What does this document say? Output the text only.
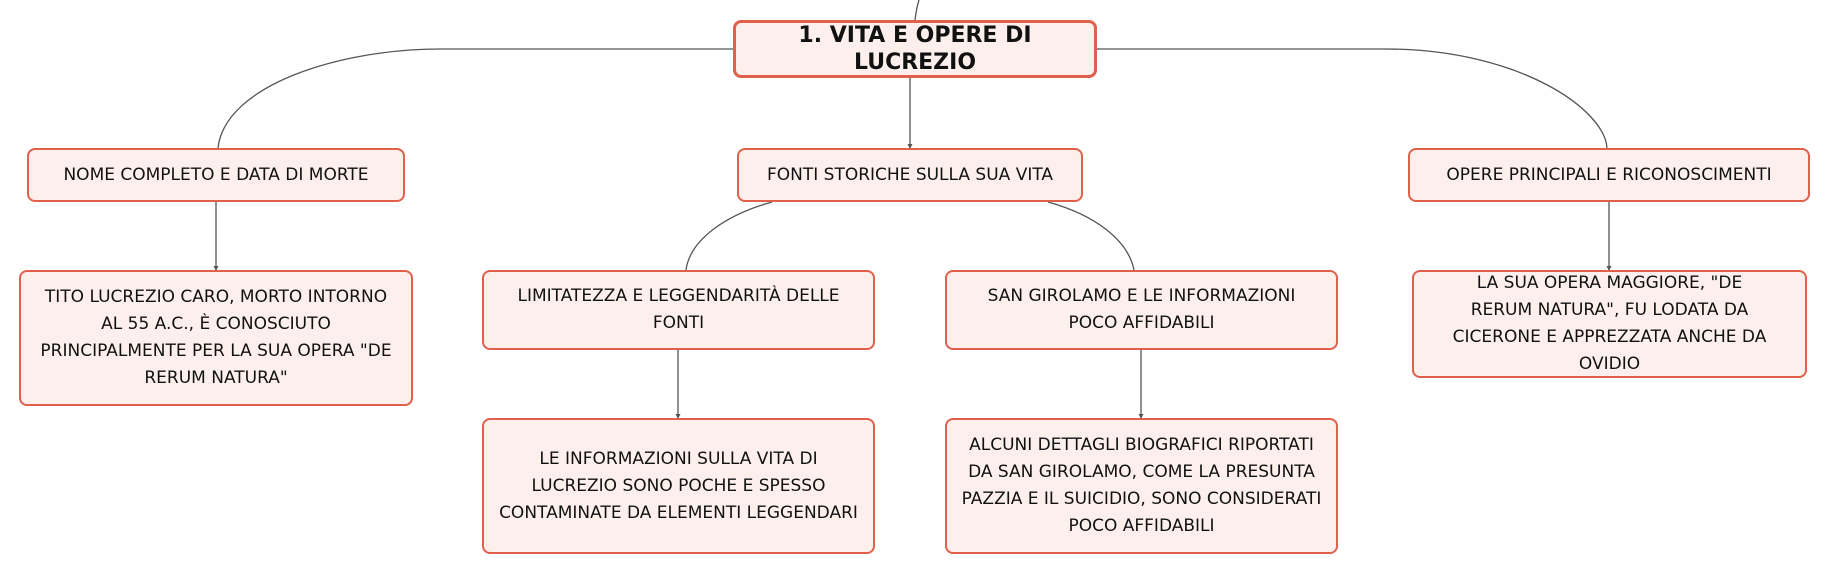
1. VITA E OPERE DI LUCREZIO
NOME COMPLETO E DATA DI MORTE	FONTI STORICHE SULLA SUA VITA	OPERE PRINCIPALI E RICONOSCIMENTI
TITO LUCREZIO CARO, MORTO INTORNO AL 55 A.C., È CONOSCIUTO PRINCIPALMENTE PER LA SUA OPERA "DE RERUM NATURA"
LIMITATEZZA E LEGGENDARITÀ DELLE FONTI
SAN GIROLAMO E LE INFORMAZIONI POCO AFFIDABILI
LA SUA OPERA MAGGIORE, "DE RERUM NATURA", FU LODATA DA CICERONE E APPREZZATA ANCHE DA OVIDIO
LE INFORMAZIONI SULLA VITA DI LUCREZIO SONO POCHE E SPESSO CONTAMINATE DA ELEMENTI LEGGENDARI
ALCUNI DETTAGLI BIOGRAFICI RIPORTATI DA SAN GIROLAMO, COME LA PRESUNTA PAZZIA E IL SUICIDIO, SONO CONSIDERATI POCO AFFIDABILI
